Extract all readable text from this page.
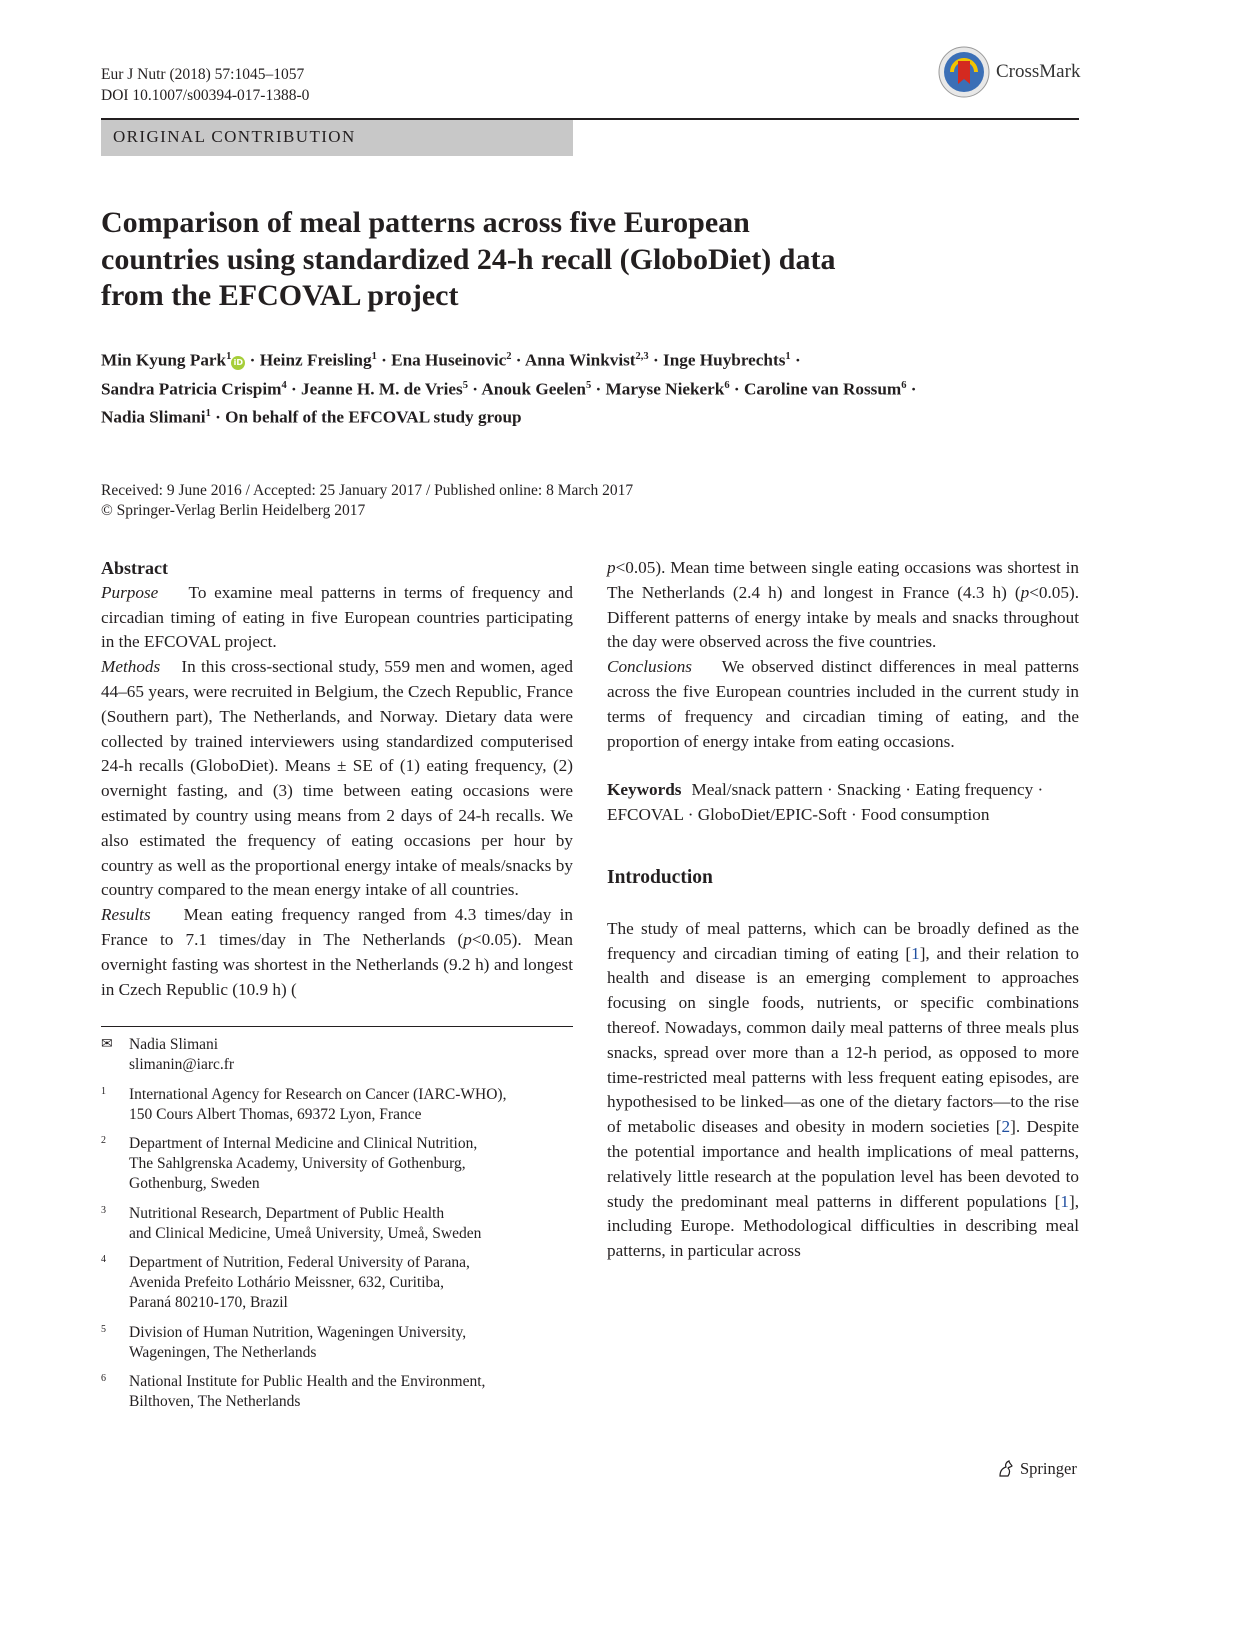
Eur J Nutr (2018) 57:1045–1057
DOI 10.1007/s00394-017-1388-0
CrossMark
ORIGINAL CONTRIBUTION
Comparison of meal patterns across five European
countries using standardized 24-h recall (GloboDiet) data
from the EFCOVAL project
Min Kyung Park$^1$iD · Heinz Freisling$^1$ · Ena Huseinovic$^2$ · Anna Winkvist$^{2,3}$ · Inge Huybrechts$^1$ ·
Sandra Patricia Crispim$^4$ · Jeanne H. M. de Vries$^5$ · Anouk Geelen$^5$ · Maryse Niekerk$^6$ · Caroline van Rossum$^6$ ·
Nadia Slimani$^1$ · On behalf of the EFCOVAL study group
Received: 9 June 2016 / Accepted: 25 January 2017 / Published online: 8 March 2017
© Springer-Verlag Berlin Heidelberg 2017
Abstract
Purpose To examine meal patterns in terms of frequency and circadian timing of eating in five European countries participating in the EFCOVAL project.
Methods In this cross-sectional study, 559 men and women, aged 44–65 years, were recruited in Belgium, the Czech Republic, France (Southern part), The Netherlands, and Norway. Dietary data were collected by trained interviewers using standardized computerised 24-h recalls (GloboDiet). Means ± SE of (1) eating frequency, (2) overnight fasting, and (3) time between eating occasions were estimated by country using means from 2 days of 24-h recalls. We also estimated the frequency of eating occasions per hour by country as well as the proportional energy intake of meals/snacks by country compared to the mean energy intake of all countries.
Results Mean eating frequency ranged from 4.3 times/day in France to 7.1 times/day in The Netherlands (p<0.05). Mean overnight fasting was shortest in the Netherlands (9.2 h) and longest in Czech Republic (10.9 h) (
p<0.05). Mean time between single eating occasions was shortest in The Netherlands (2.4 h) and longest in France (4.3 h) (p<0.05). Different patterns of energy intake by meals and snacks throughout the day were observed across the five countries.
Conclusions We observed distinct differences in meal patterns across the five European countries included in the current study in terms of frequency and circadian timing of eating, and the proportion of energy intake from eating occasions.
Keywords Meal/snack pattern · Snacking · Eating frequency · EFCOVAL · GloboDiet/EPIC-Soft · Food consumption
Introduction
The study of meal patterns, which can be broadly defined as the frequency and circadian timing of eating [1], and their relation to health and disease is an emerging complement to approaches focusing on single foods, nutrients, or specific combinations thereof. Nowadays, common daily meal patterns of three meals plus snacks, spread over more than a 12-h period, as opposed to more time-restricted meal patterns with less frequent eating episodes, are hypothesised to be linked—as one of the dietary factors—to the rise of metabolic diseases and obesity in modern societies [2]. Despite the potential importance and health implications of meal patterns, relatively little research at the population level has been devoted to study the predominant meal patterns in different populations [1], including Europe. Methodological difficulties in describing meal patterns, in particular across
✉	Nadia Slimani
slimanin@iarc.fr
1	International Agency for Research on Cancer (IARC-WHO),
150 Cours Albert Thomas, 69372 Lyon, France
2	Department of Internal Medicine and Clinical Nutrition,
The Sahlgrenska Academy, University of Gothenburg,
Gothenburg, Sweden
3	Nutritional Research, Department of Public Health
and Clinical Medicine, Umeå University, Umeå, Sweden
4	Department of Nutrition, Federal University of Parana,
Avenida Prefeito Lothário Meissner, 632, Curitiba,
Paraná 80210-170, Brazil
5	Division of Human Nutrition, Wageningen University,
Wageningen, The Netherlands
6	National Institute for Public Health and the Environment,
Bilthoven, The Netherlands
Springer
